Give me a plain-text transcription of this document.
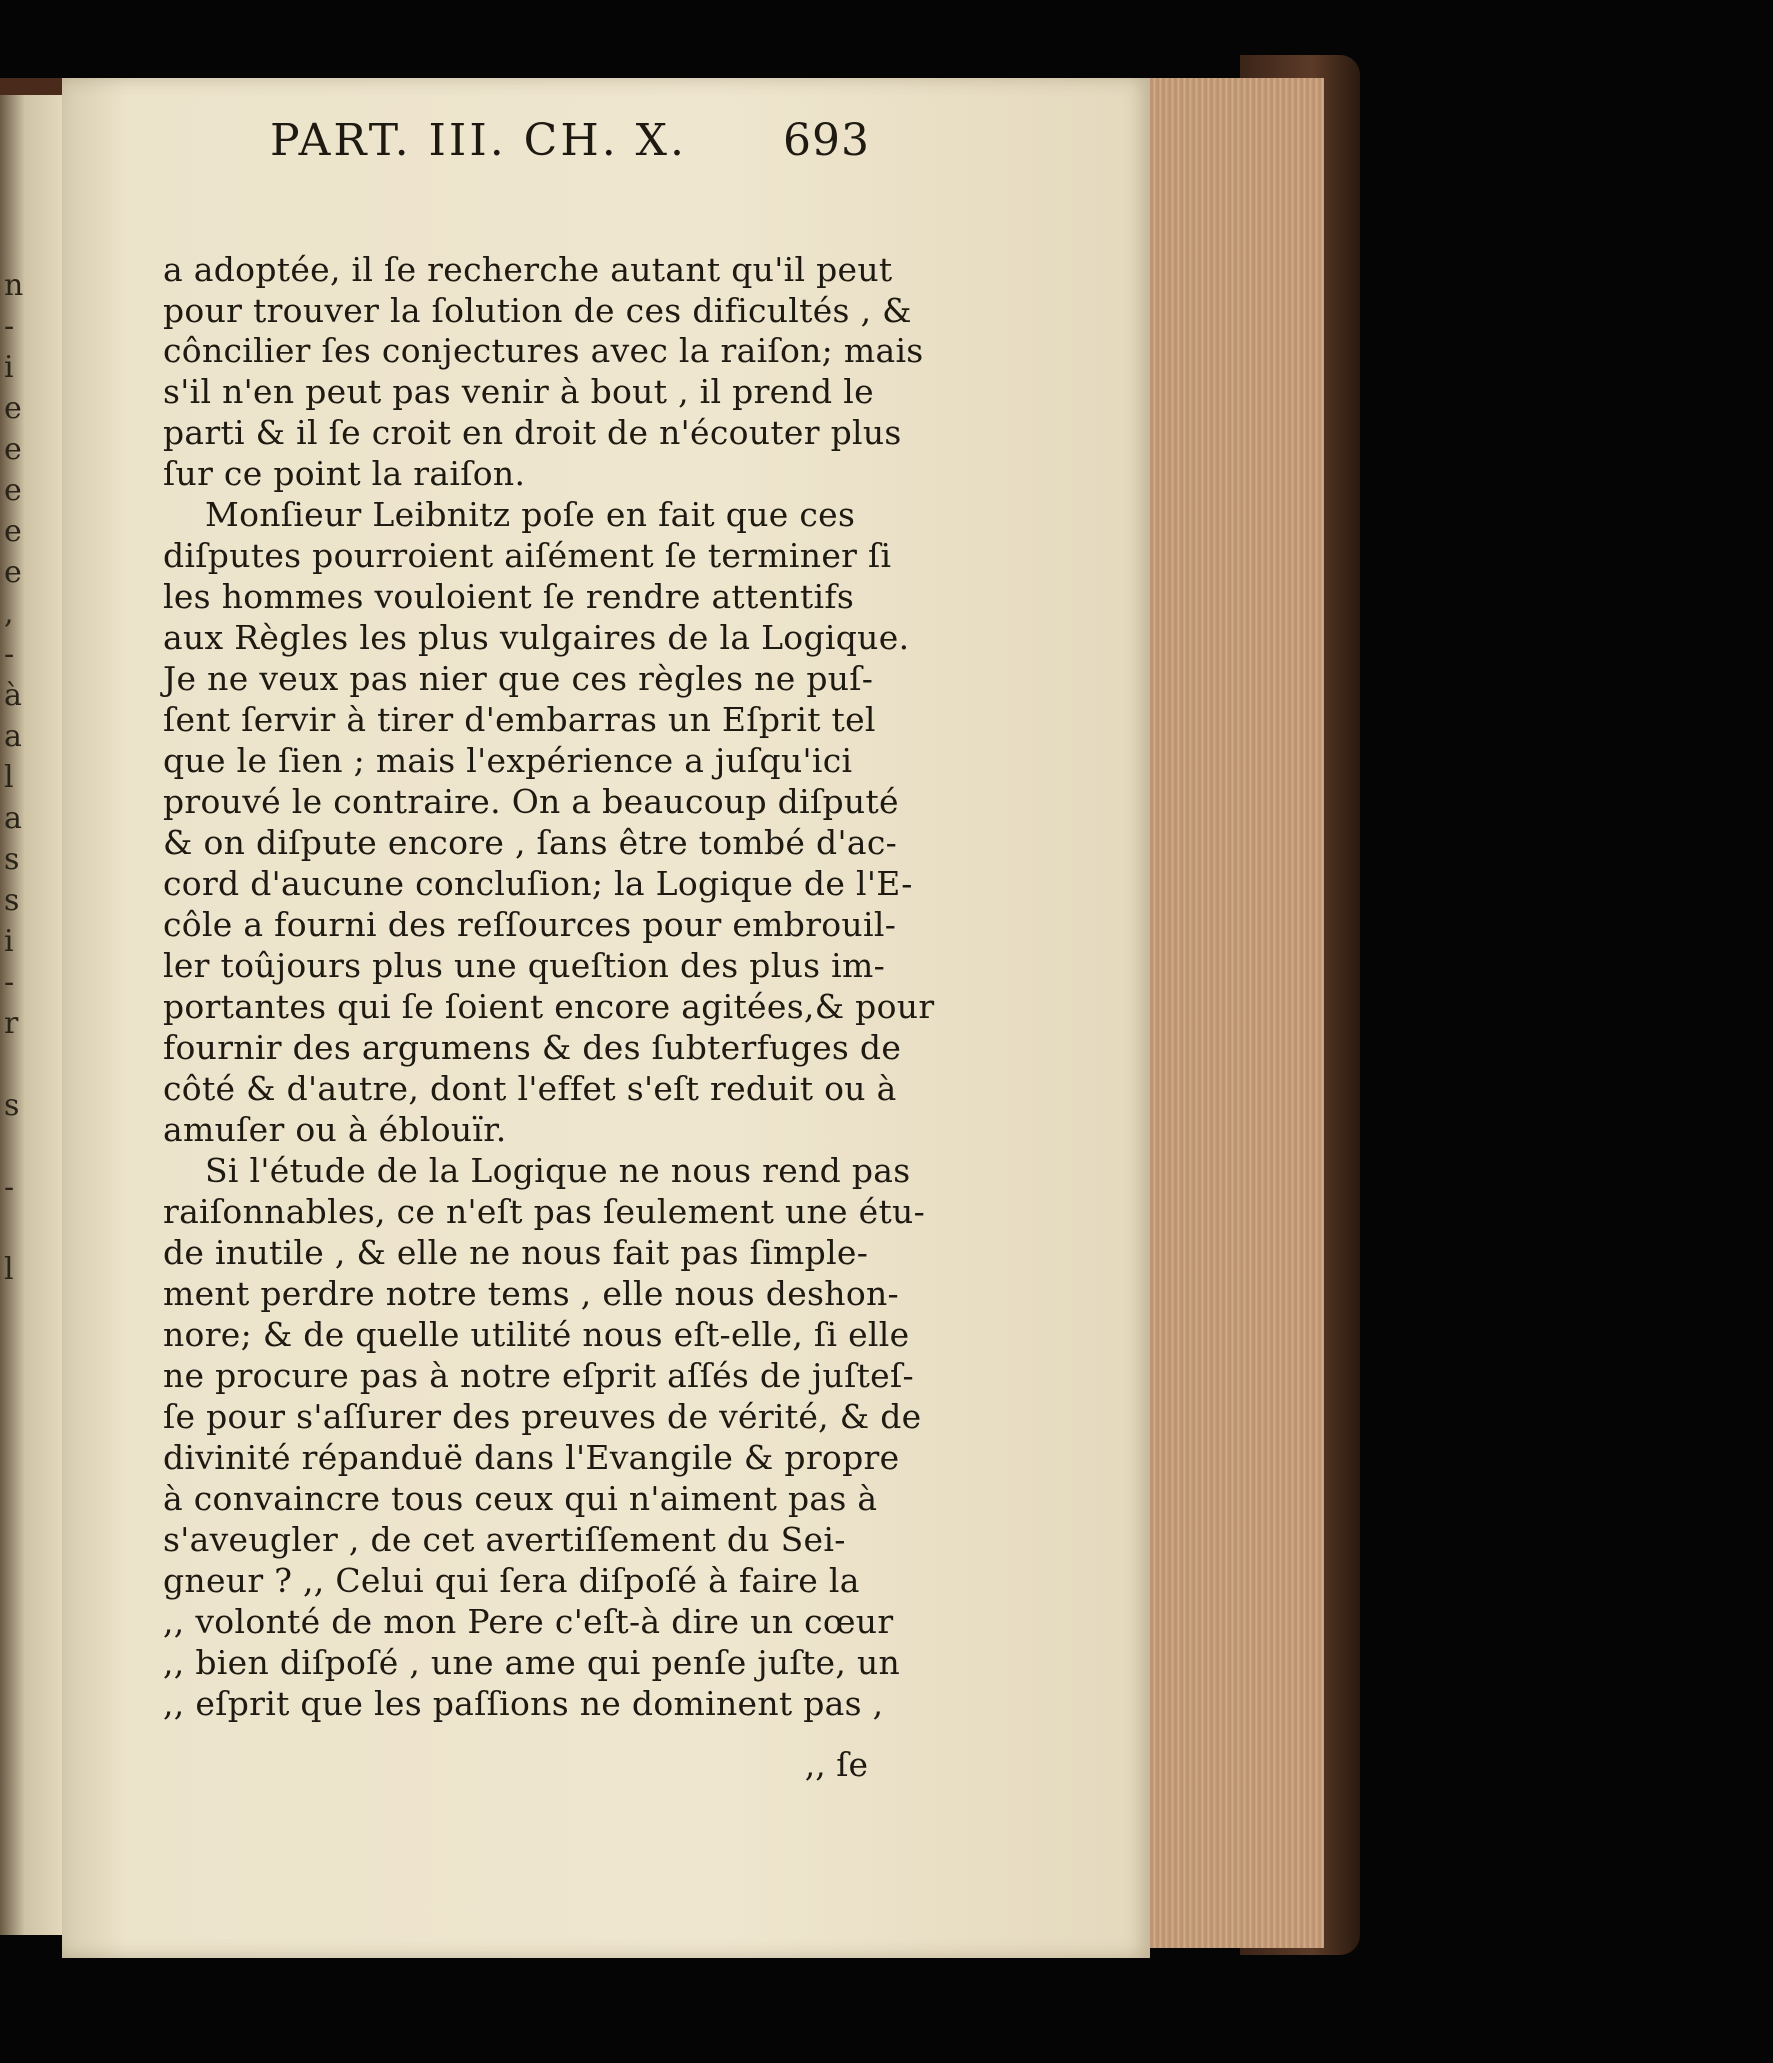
n
-
i
e
e
e
e
e
,
-
à
a
l
a
s
s
i
-
r

s

-

l
PART. III. CH. X. 693
a adoptée, il ſe recherche autant qu'il peut
pour trouver la ſolution de ces dificultés , &
côncilier ſes conjectures avec la raiſon; mais
s'il n'en peut pas venir à bout , il prend le
parti & il ſe croit en droit de n'écouter plus
ſur ce point la raiſon.
Monſieur Leibnitz poſe en fait que ces
diſputes pourroient aiſément ſe terminer ſi
les hommes vouloient ſe rendre attentifs
aux Règles les plus vulgaires de la Logique.
Je ne veux pas nier que ces règles ne puſ-
ſent ſervir à tirer d'embarras un Eſprit tel
que le ſien ; mais l'expérience a juſqu'ici
prouvé le contraire. On a beaucoup diſputé
& on diſpute encore , ſans être tombé d'ac-
cord d'aucune concluſion; la Logique de l'E-
côle a fourni des reſſources pour embrouil-
ler toûjours plus une queſtion des plus im-
portantes qui ſe ſoient encore agitées,& pour
fournir des argumens & des ſubterfuges de
côté & d'autre, dont l'effet s'eſt reduit ou à
amuſer ou à éblouïr.
Si l'étude de la Logique ne nous rend pas
raiſonnables, ce n'eſt pas ſeulement une étu-
de inutile , & elle ne nous fait pas ſimple-
ment perdre notre tems , elle nous deshon-
nore; & de quelle utilité nous eſt-elle, ſi elle
ne procure pas à notre eſprit aſſés de juſteſ-
ſe pour s'aſſurer des preuves de vérité, & de
divinité répanduë dans l'Evangile & propre
à convaincre tous ceux qui n'aiment pas à
s'aveugler , de cet avertiſſement du Sei-
gneur ? ,, Celui qui ſera diſpoſé à faire la
,, volonté de mon Pere c'eſt-à dire un cœur
,, bien diſpoſé , une ame qui penſe juſte, un
,, eſprit que les paſſions ne dominent pas ,
,, ſe
